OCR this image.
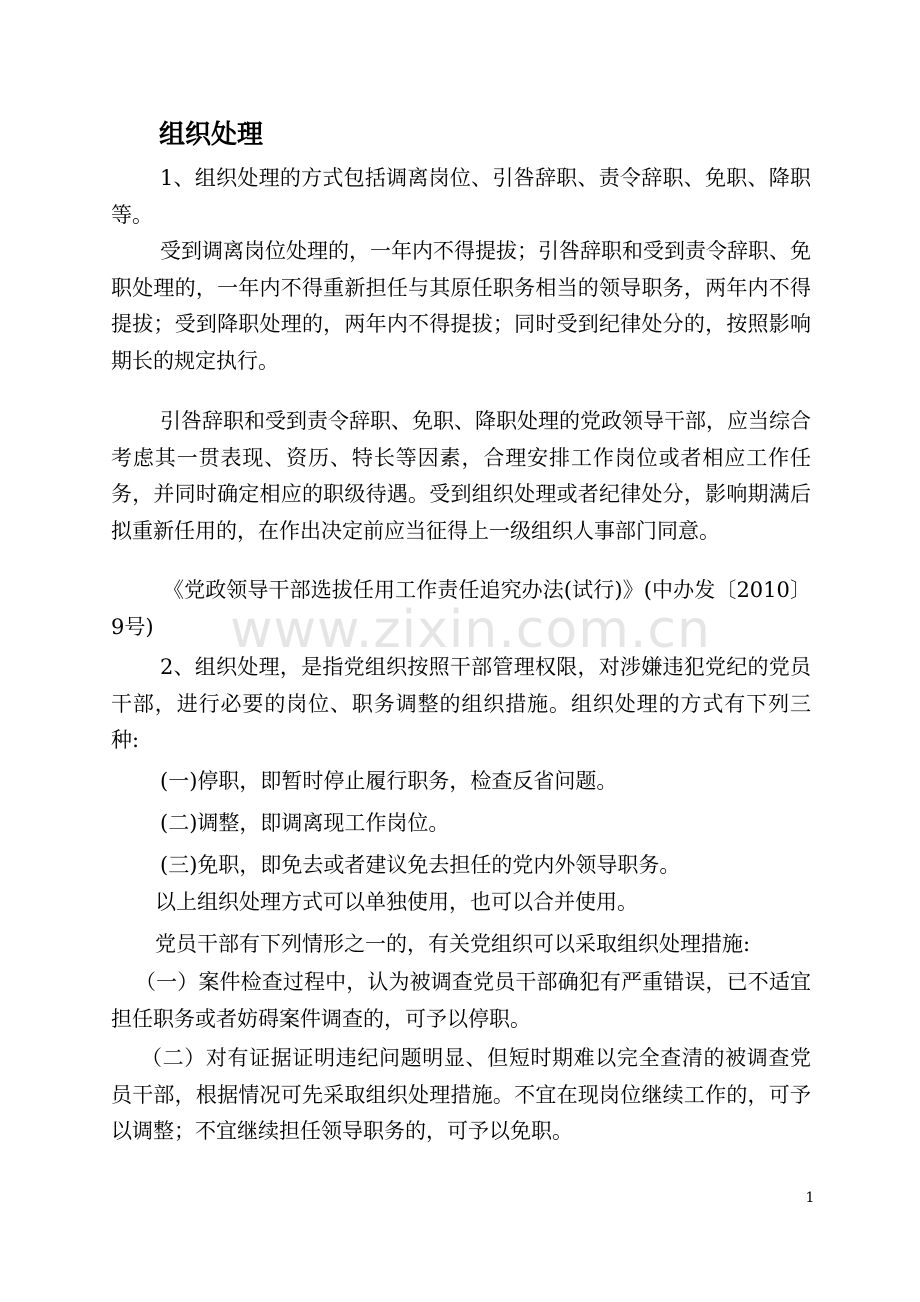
组织处理
1、组织处理的方式包括调离岗位、引咎辞职、责令辞职、免职、降职等。
受到调离岗位处理的，一年内不得提拔；引咎辞职和受到责令辞职、免职处理的，一年内不得重新担任与其原任职务相当的领导职务，两年内不得提拔；受到降职处理的，两年内不得提拔；同时受到纪律处分的，按照影响期长的规定执行。
引咎辞职和受到责令辞职、免职、降职处理的党政领导干部，应当综合考虑其一贯表现、资历、特长等因素，合理安排工作岗位或者相应工作任务，并同时确定相应的职级待遇。受到组织处理或者纪律处分，影响期满后拟重新任用的，在作出决定前应当征得上一级组织人事部门同意。
《党政领导干部选拔任用工作责任追究办法(试行)》(中办发〔2010〕9号)
2、组织处理，是指党组织按照干部管理权限，对涉嫌违犯党纪的党员干部，进行必要的岗位、职务调整的组织措施。组织处理的方式有下列三种:
(一)停职，即暂时停止履行职务，检查反省问题。
(二)调整，即调离现工作岗位。
(三)免职，即免去或者建议免去担任的党内外领导职务。
以上组织处理方式可以单独使用，也可以合并使用。
党员干部有下列情形之一的，有关党组织可以采取组织处理措施:
（一）案件检查过程中，认为被调查党员干部确犯有严重错误，已不适宜担任职务或者妨碍案件调查的，可予以停职。
（二）对有证据证明违纪问题明显、但短时期难以完全查清的被调查党员干部，根据情况可先采取组织处理措施。不宜在现岗位继续工作的，可予以调整；不宜继续担任领导职务的，可予以免职。
www.zixin.com.cn
1
